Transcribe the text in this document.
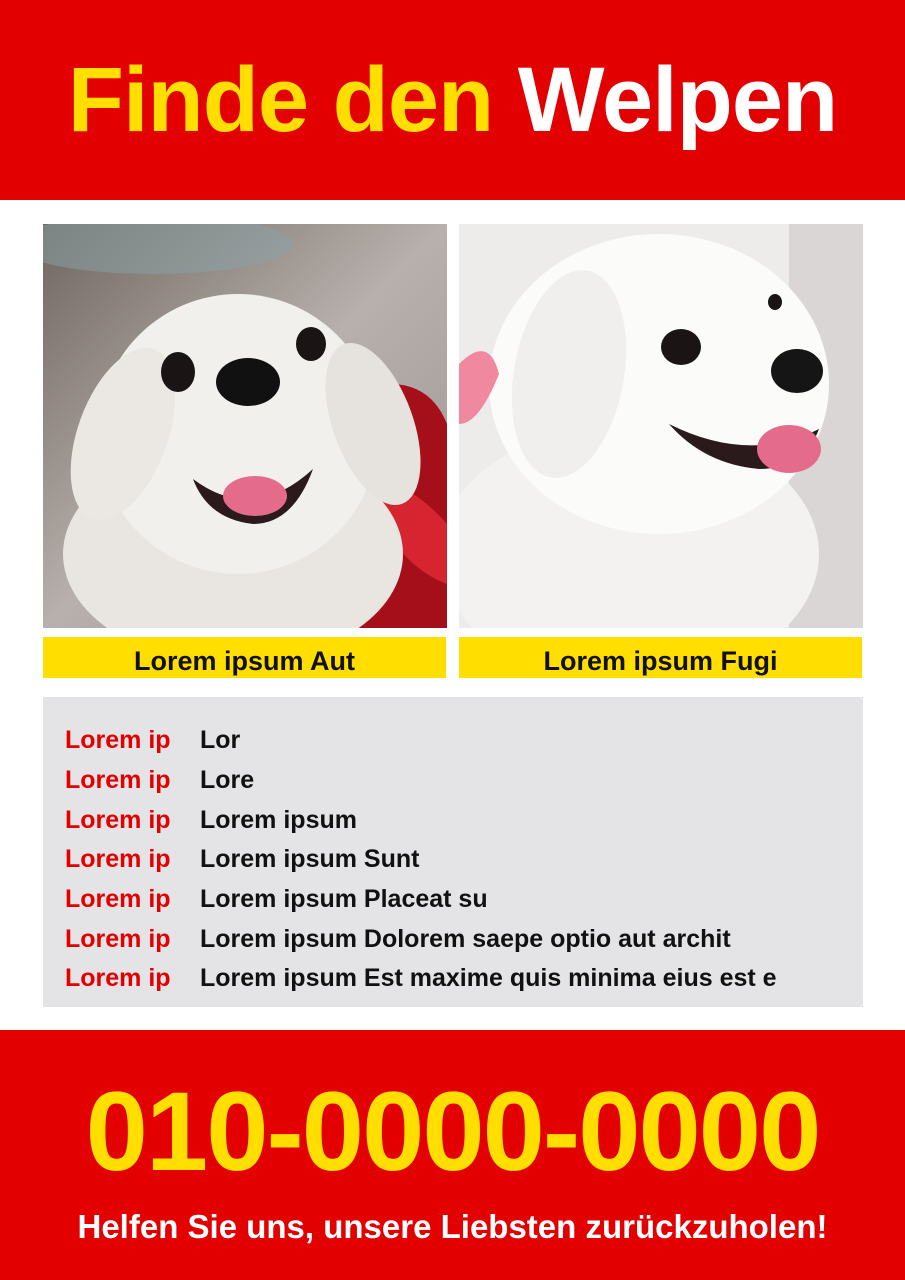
Finde den Welpen
Lorem ipsum Aut	Lorem ipsum Fugi
Lorem ip	Lor
Lorem ip	Lore
Lorem ip	Lorem ipsum
Lorem ip	Lorem ipsum Sunt
Lorem ip	Lorem ipsum Placeat su
Lorem ip	Lorem ipsum Dolorem saepe optio aut archit
Lorem ip	Lorem ipsum Est maxime quis minima eius est e
010-0000-0000
Helfen Sie uns, unsere Liebsten zurückzuholen!
